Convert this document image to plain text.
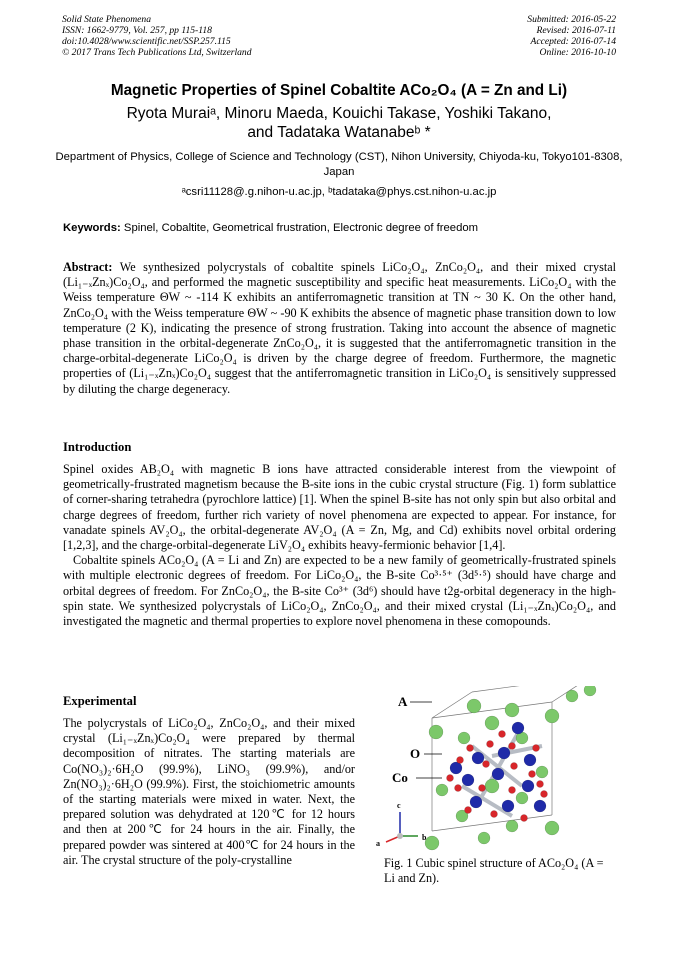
Solid State Phenomena
ISSN: 1662-9779, Vol. 257, pp 115-118
doi:10.4028/www.scientific.net/SSP.257.115
© 2017 Trans Tech Publications Ltd, Switzerland
Submitted: 2016-05-22
Revised: 2016-07-11
Accepted: 2016-07-14
Online: 2016-10-10
Magnetic Properties of Spinel Cobaltite ACo₂O₄ (A = Zn and Li)
Ryota Muraiᵃ, Minoru Maeda, Kouichi Takase, Yoshiki Takano,
and Tadataka Watanabeᵇ *
Department of Physics, College of Science and Technology (CST), Nihon University, Chiyoda-ku, Tokyo101-8308, Japan
ᵃcsri11128@.g.nihon-u.ac.jp, ᵇtadataka@phys.cst.nihon-u.ac.jp
Keywords: Spinel, Cobaltite, Geometrical frustration, Electronic degree of freedom
Abstract: We synthesized polycrystals of cobaltite spinels LiCo₂O₄, ZnCo₂O₄, and their mixed crystal (Li₁₋ₓZnₓ)Co₂O₄, and performed the magnetic susceptibility and specific heat measurements. LiCo₂O₄ with the Weiss temperature ΘW ~ -114 K exhibits an antiferromagnetic transition at TN ~ 30 K. On the other hand, ZnCo₂O₄ with the Weiss temperature ΘW ~ -90 K exhibits the absence of magnetic phase transition down to low temperature (2 K), indicating the presence of strong frustration. Taking into account the absence of magnetic phase transition in the orbital-degenerate ZnCo₂O₄, it is suggested that the antiferromagnetic transition in the charge-orbital-degenerate LiCo₂O₄ is driven by the charge degree of freedom. Furthermore, the magnetic properties of (Li₁₋ₓZnₓ)Co₂O₄ suggest that the antiferromagnetic transition in LiCo₂O₄ is sensitively suppressed by diluting the charge degeneracy.
Introduction

Spinel oxides AB₂O₄ with magnetic B ions have attracted considerable interest from the viewpoint of geometrically-frustrated magnetism because the B-site ions in the cubic crystal structure (Fig. 1) form sublattice of corner-sharing tetrahedra (pyrochlore lattice) [1]. When the spinel B-site has not only spin but also orbital and charge degrees of freedom, further rich variety of novel phenomena are expected to appear. For instance, for vanadate spinels AV₂O₄, the orbital-degenerate AV₂O₄ (A = Zn, Mg, and Cd) exhibits novel orbital ordering [1,2,3], and the charge-orbital-degenerate LiV₂O₄ exhibits heavy-fermionic behavior [1,4].

Cobaltite spinels ACo₂O₄ (A = Li and Zn) are expected to be a new family of geometrically-frustrated spinels with multiple electronic degrees of freedom. For LiCo₂O₄, the B-site Co³·⁵⁺ (3d⁵·⁵) should have charge and orbital degrees of freedom. For ZnCo₂O₄, the B-site Co³⁺ (3d⁶) should have t2g-orbital degeneracy in the high-spin state. We synthesized polycrystals of LiCo₂O₄, ZnCo₂O₄, and their mixed crystal (Li₁₋ₓZnₓ)Co₂O₄, and investigated the magnetic and thermal properties to explore novel phenomena in these comopounds.

Experimental

The polycrystals of LiCo₂O₄, ZnCo₂O₄, and their mixed crystal (Li₁₋ₓZnₓ)Co₂O₄ were prepared by thermal decomposition of nitrates. The starting materials are Co(NO₃)₂·6H₂O (99.9%), LiNO₃ (99.9%), and/or Zn(NO₃)₂·6H₂O (99.9%). First, the stoichiometric amounts of the starting materials were mixed in water. Next, the prepared solution was dehydrated at 120℃ for 12 hours and then at 200℃ for 24 hours in the air. Finally, the prepared powder was sintered at 400℃ for 24 hours in the air. The crystal structure of the poly-crystalline

c
b
a
A
O
Co
Fig. 1 Cubic spinel structure of ACo₂O₄ (A = Li and Zn).
